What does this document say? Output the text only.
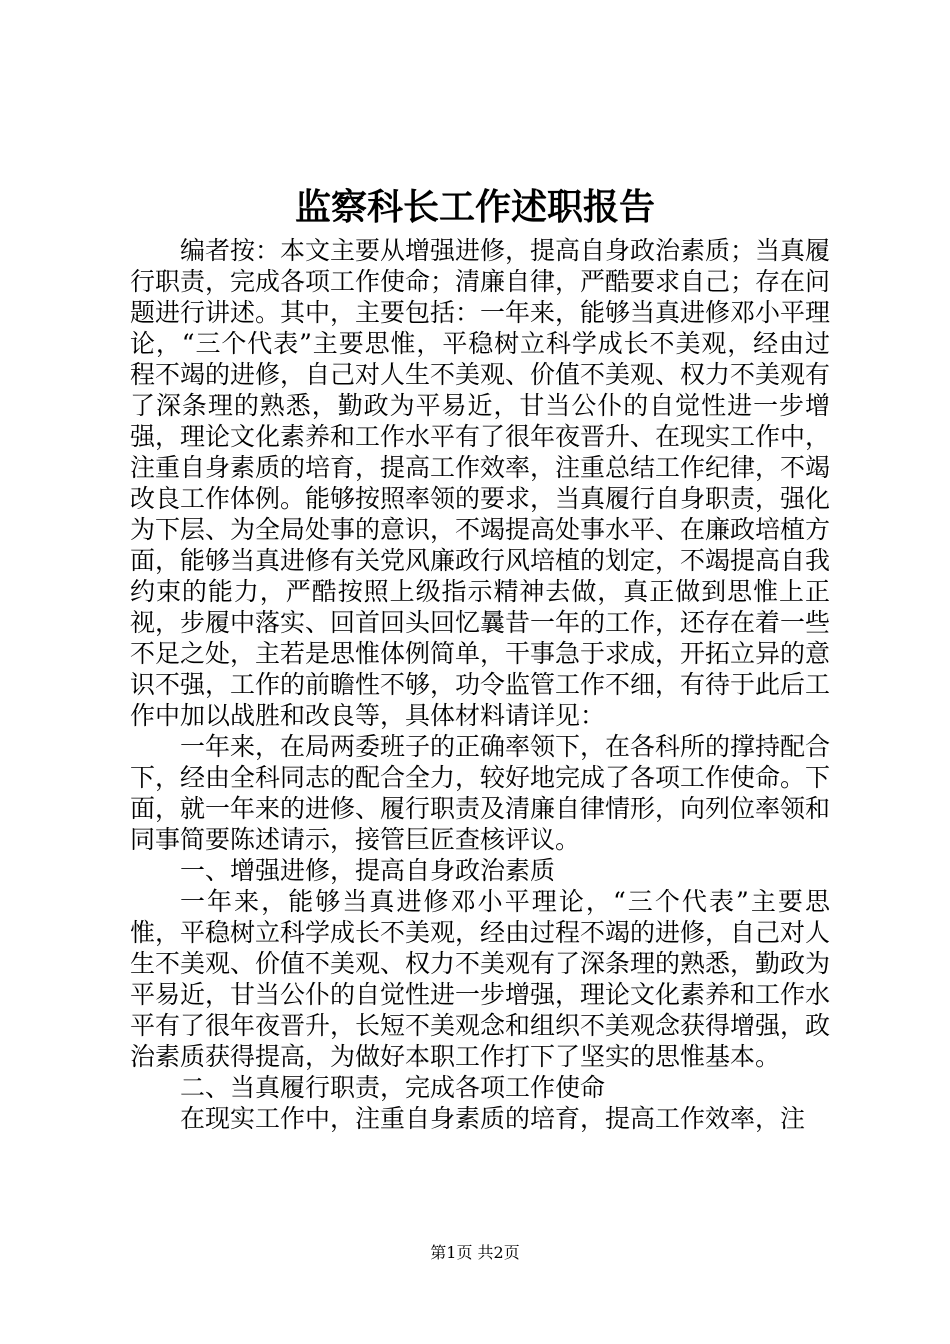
监察科长工作述职报告

编者按：本文主要从增强进修，提高自身政治素质；当真履行职责，完成各项工作使命；清廉自律，严酷要求自己；存在问题进行讲述。其中，主要包括：一年来，能够当真进修邓小平理论，“三个代表”主要思惟，平稳树立科学成长不美观，经由过程不竭的进修，自己对人生不美观、价值不美观、权力不美观有了深条理的熟悉，勤政为平易近，甘当公仆的自觉性进一步增强，理论文化素养和工作水平有了很年夜晋升、在现实工作中，注重自身素质的培育，提高工作效率，注重总结工作纪律，不竭改良工作体例。能够按照率领的要求，当真履行自身职责，强化为下层、为全局处事的意识，不竭提高处事水平、在廉政培植方面，能够当真进修有关党风廉政行风培植的划定，不竭提高自我约束的能力，严酷按照上级指示精神去做，真正做到思惟上正视，步履中落实、回首回头回忆曩昔一年的工作，还存在着一些不足之处，主若是思惟体例简单，干事急于求成，开拓立异的意识不强，工作的前瞻性不够，功令监管工作不细，有待于此后工作中加以战胜和改良等，具体材料请详见：

一年来，在局两委班子的正确率领下，在各科所的撑持配合下，经由全科同志的配合全力，较好地完成了各项工作使命。下面，就一年来的进修、履行职责及清廉自律情形，向列位率领和同事简要陈述请示，接管巨匠查核评议。

一、增强进修，提高自身政治素质

一年来，能够当真进修邓小平理论，“三个代表”主要思惟，平稳树立科学成长不美观，经由过程不竭的进修，自己对人生不美观、价值不美观、权力不美观有了深条理的熟悉，勤政为平易近，甘当公仆的自觉性进一步增强，理论文化素养和工作水平有了很年夜晋升，长短不美观念和组织不美观念获得增强，政治素质获得提高，为做好本职工作打下了坚实的思惟基本。

二、当真履行职责，完成各项工作使命

在现实工作中，注重自身素质的培育，提高工作效率，注

第1页 共2页
